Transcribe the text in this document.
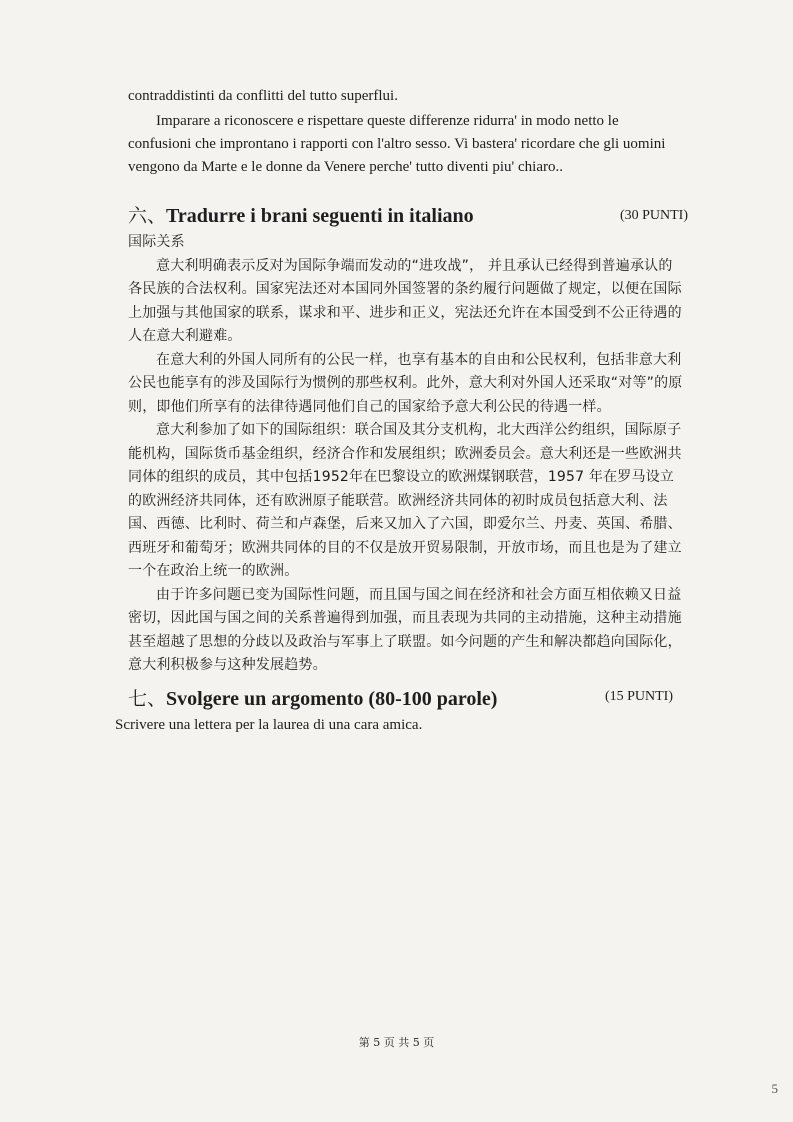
contraddistinti da conflitti del tutto superflui.

Imparare a riconoscere e rispettare queste differenze ridurra' in modo netto le confusioni che improntano i rapporti con l'altro sesso. Vi bastera' ricordare che gli uomini vengono da Marte e le donne da Venere perche' tutto diventi piu' chiaro..

六、Tradurre i brani seguenti in italiano	(30 PUNTI)

国际关系

意大利明确表示反对为国际争端而发动的“进攻战”， 并且承认已经得到普遍承认的各民族的合法权利。国家宪法还对本国同外国签署的条约履行问题做了规定，以便在国际上加强与其他国家的联系，谋求和平、进步和正义，宪法还允许在本国受到不公正待遇的人在意大利避难。

在意大利的外国人同所有的公民一样，也享有基本的自由和公民权利，包括非意大利公民也能享有的涉及国际行为惯例的那些权利。此外，意大利对外国人还采取“对等”的原则，即他们所享有的法律待遇同他们自己的国家给予意大利公民的待遇一样。

意大利参加了如下的国际组织：联合国及其分支机构，北大西洋公约组织，国际原子能机构，国际货币基金组织，经济合作和发展组织；欧洲委员会。意大利还是一些欧洲共同体的组织的成员，其中包括1952年在巴黎设立的欧洲煤钢联营，1957 年在罗马设立的欧洲经济共同体，还有欧洲原子能联营。欧洲经济共同体的初时成员包括意大利、法国、西德、比利时、荷兰和卢森堡，后来又加入了六国，即爱尔兰、丹麦、英国、希腊、西班牙和葡萄牙；欧洲共同体的目的不仅是放开贸易限制，开放市场，而且也是为了建立一个在政治上统一的欧洲。

由于许多问题已变为国际性问题，而且国与国之间在经济和社会方面互相依赖又日益密切，因此国与国之间的关系普遍得到加强，而且表现为共同的主动措施，这种主动措施甚至超越了思想的分歧以及政治与军事上了联盟。如今问题的产生和解决都趋向国际化，意大利积极参与这种发展趋势。

七、Svolgere un argomento (80-100 parole)	(15 PUNTI)
Scrivere una lettera per la laurea di una cara amica.
第 5 页 共 5 页
5
